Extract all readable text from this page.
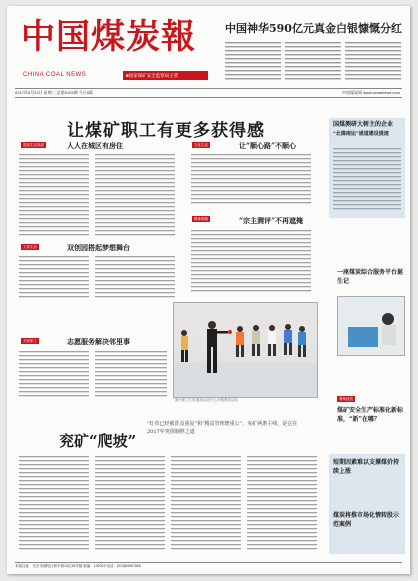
中国煤炭報
CHINA COAL NEWS	■国家煤矿安全监察局主管
中国神华590亿元真金白银慷慨分红
2017年5月22日 星期三 总第5125期 今日8版	中国煤炭网 www.ccoalnews.com
让煤矿职工有更多获得感
提高生活品质	人人在城区有房住	文化生活	让“顺心路”不顺心
精神面貌	“宗主测评”不再遮掩
文体生活	双创园搭起梦想舞台
关爱职工	志愿服务解决邻里事
图为职工们在健身活动中心开展娱乐活动
兖矿“爬坡”
“红草已经被洗及重复”和“精益管理增重公”，兖矿两条主线，是它在2017年突围制胜之道
国煤测研大树主的企业
“北煤南运”通道建设提速
一座煤炭综合服务平台诞生记
要闻速览
煤矿安全生产标准化新标准，“新”在哪？
短期因素难以支撑煤价持续上涨
煤炭将推市场化情转股示范案例
本报社址：北京市朝阳区和平街13区35号楼 邮编：100013 电话：(010)84657865
